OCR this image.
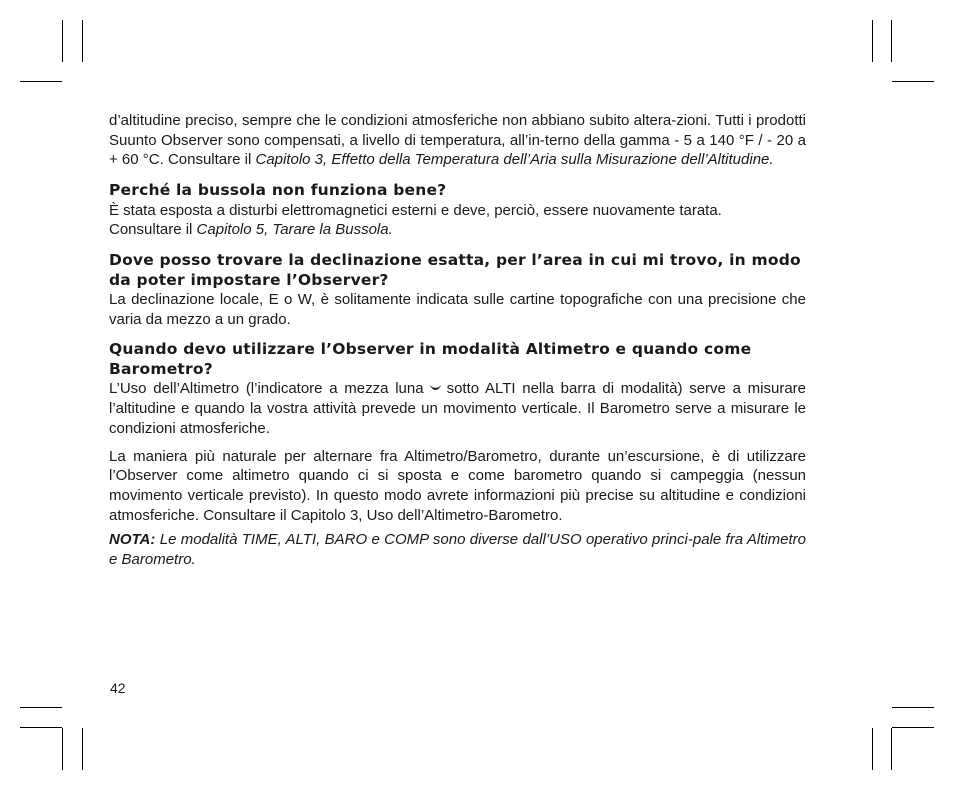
d’altitudine preciso, sempre che le condizioni atmosferiche non abbiano subito altera-zioni. Tutti i prodotti Suunto Observer sono compensati, a livello di temperatura, all’in-terno della gamma - 5 a 140 °F / - 20 a + 60 °C. Consultare il Capitolo 3, Effetto della Temperatura dell’Aria sulla Misurazione dell’Altitudine.

Perché la bussola non funziona bene?

È stata esposta a disturbi elettromagnetici esterni e deve, perciò, essere nuovamente tarata.

Consultare il Capitolo 5, Tarare la Bussola.

Dove posso trovare la declinazione esatta, per l’area in cui mi trovo, in modo da poter impostare l’Observer?

La declinazione locale, E o W, è solitamente indicata sulle cartine topografiche con una precisione che varia da mezzo a un grado.

Quando devo utilizzare l’Observer in modalità Altimetro e quando come Barometro?

L’Uso dell’Altimetro (l’indicatore a mezza luna sotto ALTI nella barra di modalità) serve a misurare l’altitudine e quando la vostra attività prevede un movimento verticale. Il Barometro serve a misurare le condizioni atmosferiche.

La maniera più naturale per alternare fra Altimetro/Barometro, durante un’escursione, è di utilizzare l’Observer come altimetro quando ci si sposta e come barometro quando si campeggia (nessun movimento verticale previsto). In questo modo avrete informazioni più precise su altitudine e condizioni atmosferiche. Consultare il Capitolo 3, Uso dell’Altimetro-Barometro.

NOTA: Le modalità TIME, ALTI, BARO e COMP sono diverse dall’USO operativo princi-pale fra Altimetro e Barometro.

42
